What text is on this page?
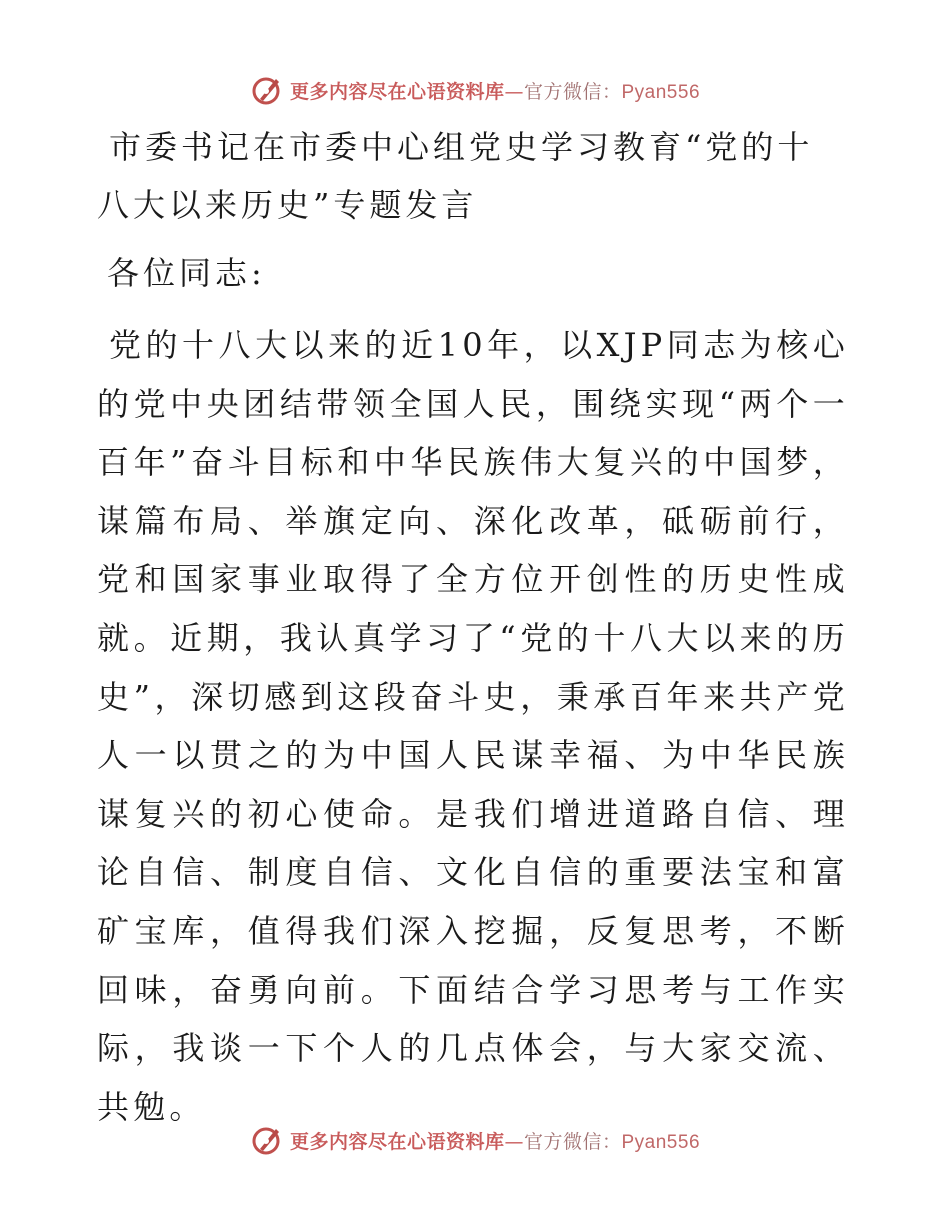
更多内容尽在心语资料库—官方微信：Pyan556
市委书记在市委中心组党史学习教育“党的十八大以来历史”专题发言

各位同志:

党的十八大以来的近10年，以XJP同志为核心的党中央团结带领全国人民，围绕实现“两个一百年”奋斗目标和中华民族伟大复兴的中国梦，谋篇布局、举旗定向、深化改革，砥砺前行，党和国家事业取得了全方位开创性的历史性成就。近期，我认真学习了“党的十八大以来的历史”，深切感到这段奋斗史，秉承百年来共产党人一以贯之的为中国人民谋幸福、为中华民族谋复兴的初心使命。是我们增进道路自信、理论自信、制度自信、文化自信的重要法宝和富矿宝库，值得我们深入挖掘，反复思考，不断回味，奋勇向前。下面结合学习思考与工作实际，我谈一下个人的几点体会，与大家交流、共勉。

更多内容尽在心语资料库—官方微信：Pyan556
